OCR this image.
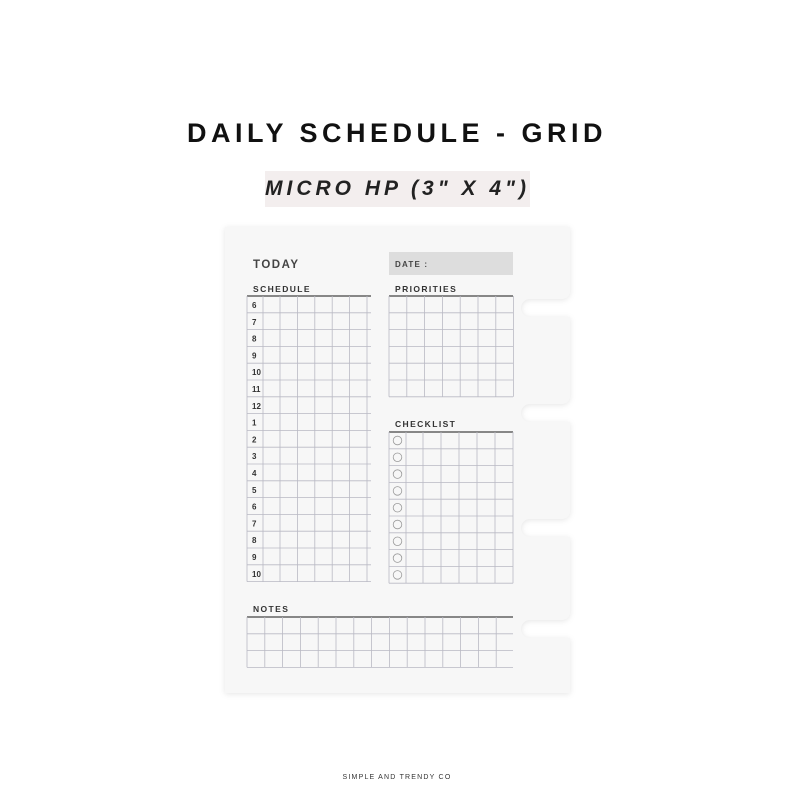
DAILY SCHEDULE - GRID
MICRO HP (3" X 4")
TODAY	DATE :
SCHEDULE	PRIORITIES
CHECKLIST
NOTES
6
7
8
9
10
11
12
1
2
3
4
5
6
7
8
9
10
SIMPLE AND TRENDY CO
